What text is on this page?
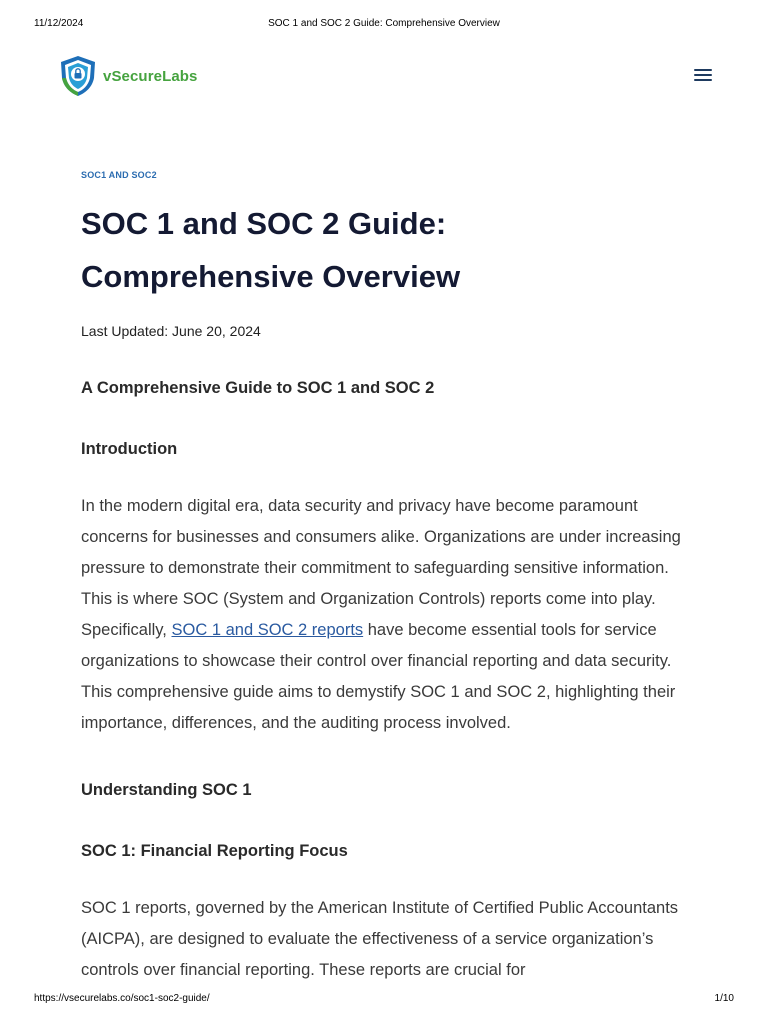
11/12/2024	SOC 1 and SOC 2 Guide: Comprehensive Overview
vSecureLabs
SOC1 AND SOC2
SOC 1 and SOC 2 Guide:
Comprehensive Overview
Last Updated: June 20, 2024

A Comprehensive Guide to SOC 1 and SOC 2

Introduction

In the modern digital era, data security and privacy have become paramount concerns for businesses and consumers alike. Organizations are under increasing pressure to demonstrate their commitment to safeguarding sensitive information. This is where SOC (System and Organization Controls) reports come into play. Specifically, SOC 1 and SOC 2 reports have become essential tools for service organizations to showcase their control over financial reporting and data security. This comprehensive guide aims to demystify SOC 1 and SOC 2, highlighting their importance, differences, and the auditing process involved.

Understanding SOC 1

SOC 1: Financial Reporting Focus

SOC 1 reports, governed by the American Institute of Certified Public Accountants (AICPA), are designed to evaluate the effectiveness of a service organization’s controls over financial reporting. These reports are crucial for

https://vsecurelabs.co/soc1-soc2-guide/	1/10
